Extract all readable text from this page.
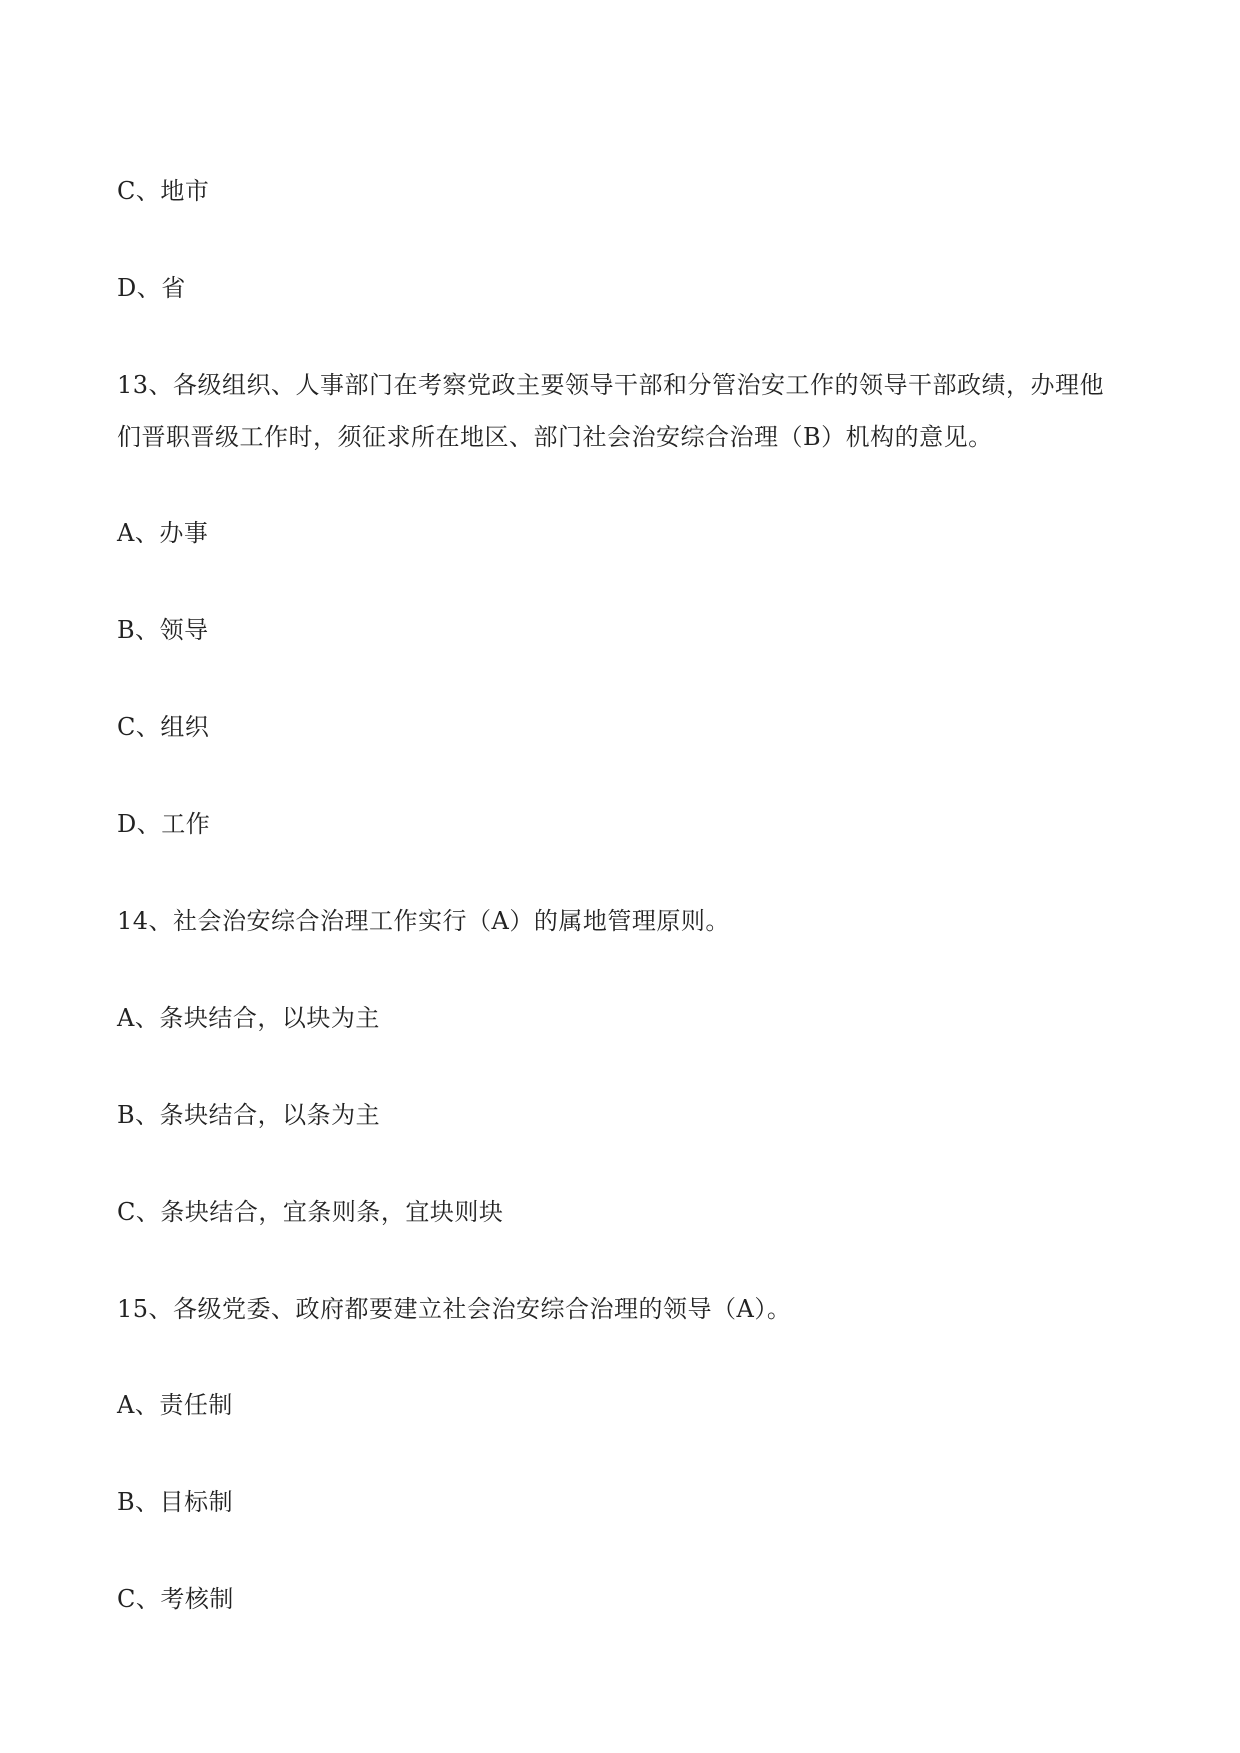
C、地市

D、省

13、各级组织、人事部门在考察党政主要领导干部和分管治安工作的领导干部政绩，办理他

们晋职晋级工作时，须征求所在地区、部门社会治安综合治理（B）机构的意见。

A、办事

B、领导

C、组织

D、工作

14、社会治安综合治理工作实行（A）的属地管理原则。

A、条块结合，以块为主

B、条块结合，以条为主

C、条块结合，宜条则条，宜块则块

15、各级党委、政府都要建立社会治安综合治理的领导（A）。

A、责任制

B、目标制

C、考核制
